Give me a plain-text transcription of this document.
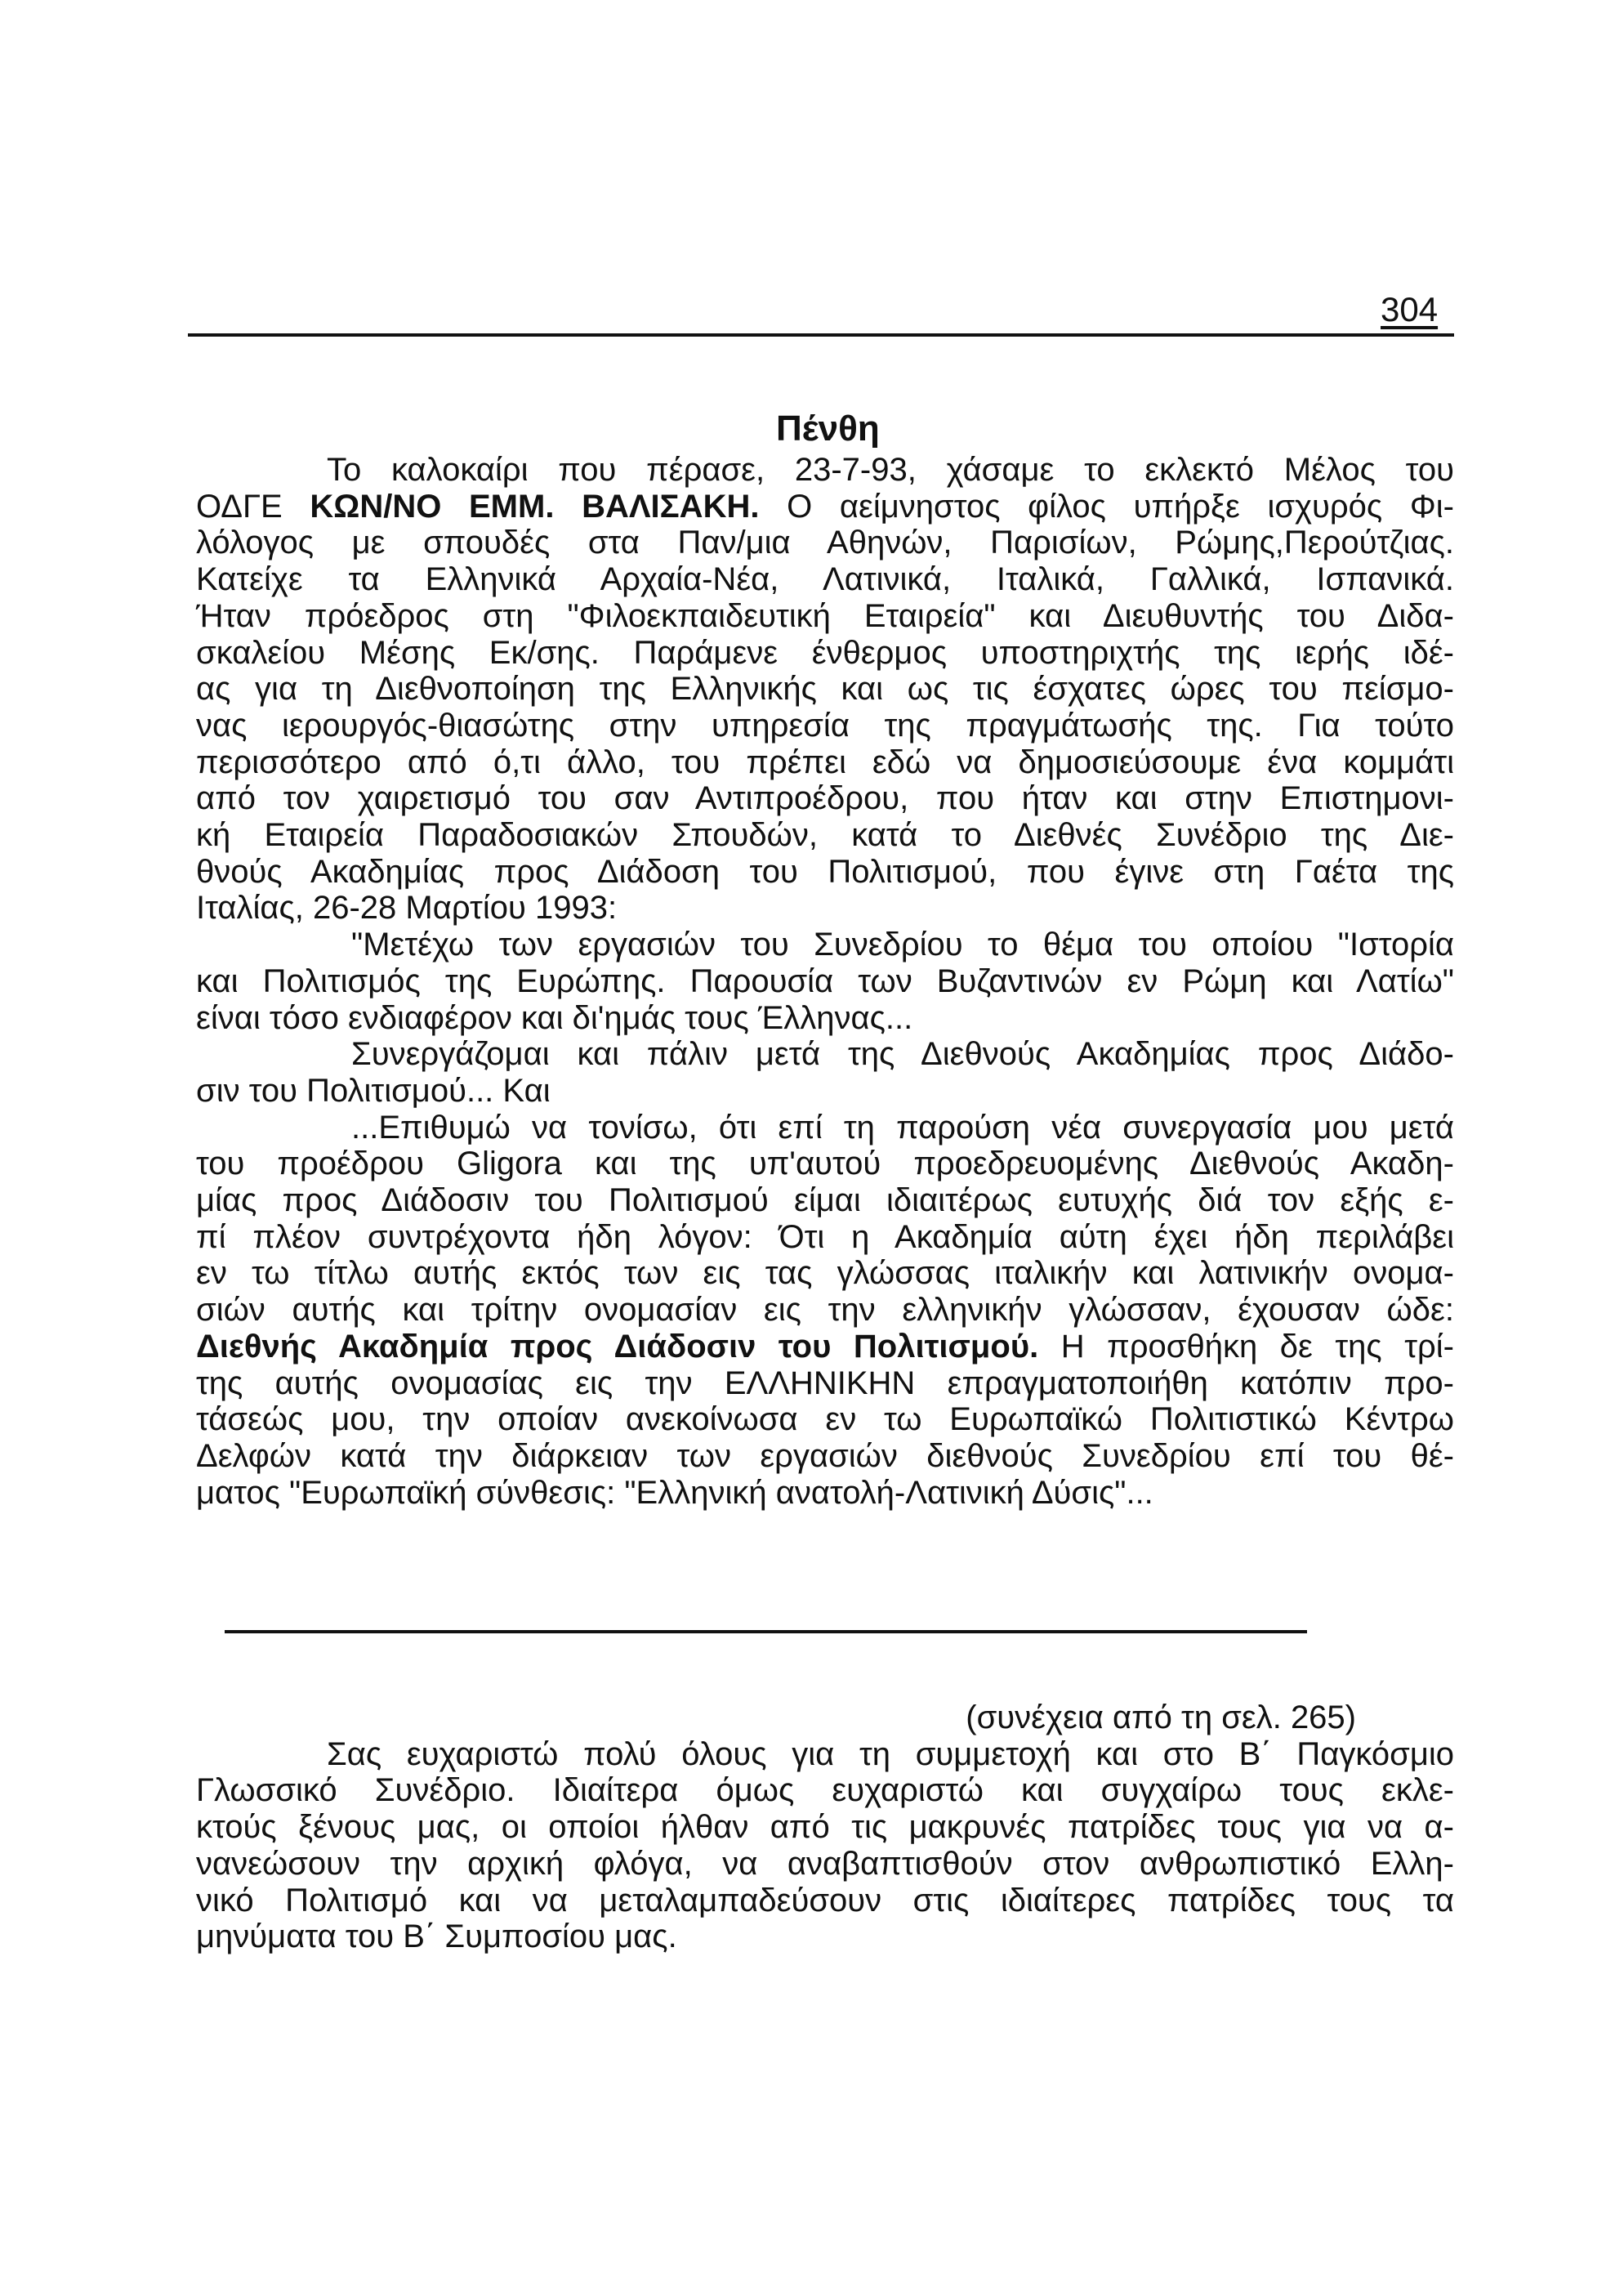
304
Πένθη
Το καλοκαίρι που πέρασε, 23-7-93, χάσαμε το εκλεκτό Μέλος του
ΟΔΓΕ ΚΩΝ/ΝΟ ΕΜΜ. ΒΑΛΙΣΑΚΗ. Ο αείμνηστος φίλος υπήρξε ισχυρός Φι-
λόλογος με σπουδές στα Παν/μια Αθηνών, Παρισίων, Ρώμης,Περούτζιας.
Κατείχε τα Ελληνικά Αρχαία-Νέα, Λατινικά, Ιταλικά, Γαλλικά, Ισπανικά.
Ήταν πρόεδρος στη "Φιλοεκπαιδευτική Εταιρεία" και Διευθυντής του Διδα-
σκαλείου Μέσης Εκ/σης. Παράμενε ένθερμος υποστηριχτής της ιερής ιδέ-
ας για τη Διεθνοποίηση της Ελληνικής και ως τις έσχατες ώρες του πείσμο-
νας ιερουργός-θιασώτης στην υπηρεσία της πραγμάτωσής της. Για τούτο
περισσότερο από ό,τι άλλο, του πρέπει εδώ να δημοσιεύσουμε ένα κομμάτι
από τον χαιρετισμό του σαν Αντιπροέδρου, που ήταν και στην Επιστημονι-
κή Εταιρεία Παραδοσιακών Σπουδών, κατά το Διεθνές Συνέδριο της Διε-
θνούς Ακαδημίας προς Διάδοση του Πολιτισμού, που έγινε στη Γαέτα της
Ιταλίας, 26-28 Μαρτίου 1993:
"Μετέχω των εργασιών του Συνεδρίου το θέμα του οποίου "Ιστορία
και Πολιτισμός της Ευρώπης. Παρουσία των Βυζαντινών εν Ρώμη και Λατίω"
είναι τόσο ενδιαφέρον και δι'ημάς τους Έλληνας...
Συνεργάζομαι και πάλιν μετά της Διεθνούς Ακαδημίας προς Διάδο-
σιν του Πολιτισμού... Και
...Επιθυμώ να τονίσω, ότι επί τη παρούση νέα συνεργασία μου μετά
του προέδρου Gligora και της υπ'αυτού προεδρευομένης Διεθνούς Ακαδη-
μίας προς Διάδοσιν του Πολιτισμού είμαι ιδιαιτέρως ευτυχής διά τον εξής ε-
πί πλέον συντρέχοντα ήδη λόγον: Ότι η Ακαδημία αύτη έχει ήδη περιλάβει
εν τω τίτλω αυτής εκτός των εις τας γλώσσας ιταλικήν και λατινικήν ονομα-
σιών αυτής και τρίτην ονομασίαν εις την ελληνικήν γλώσσαν, έχουσαν ώδε:
Διεθνής Ακαδημία προς Διάδοσιν του Πολιτισμού. Η προσθήκη δε της τρί-
της αυτής ονομασίας εις την ΕΛΛΗΝΙΚΗΝ επραγματοποιήθη κατόπιν προ-
τάσεώς μου, την οποίαν ανεκοίνωσα εν τω Ευρωπαϊκώ Πολιτιστικώ Κέντρω
Δελφών κατά την διάρκειαν των εργασιών διεθνούς Συνεδρίου επί του θέ-
ματος "Ευρωπαϊκή σύνθεσις: "Ελληνική ανατολή-Λατινική Δύσις"...
(συνέχεια από τη σελ. 265)
Σας ευχαριστώ πολύ όλους για τη συμμετοχή και στο Β΄ Παγκόσμιο
Γλωσσικό Συνέδριο. Ιδιαίτερα όμως ευχαριστώ και συγχαίρω τους εκλε-
κτούς ξένους μας, οι οποίοι ήλθαν από τις μακρυνές πατρίδες τους για να α-
νανεώσουν την αρχική φλόγα, να αναβαπτισθούν στον ανθρωπιστικό Ελλη-
νικό Πολιτισμό και να μεταλαμπαδεύσουν στις ιδιαίτερες πατρίδες τους τα
μηνύματα του Β΄ Συμποσίου μας.
